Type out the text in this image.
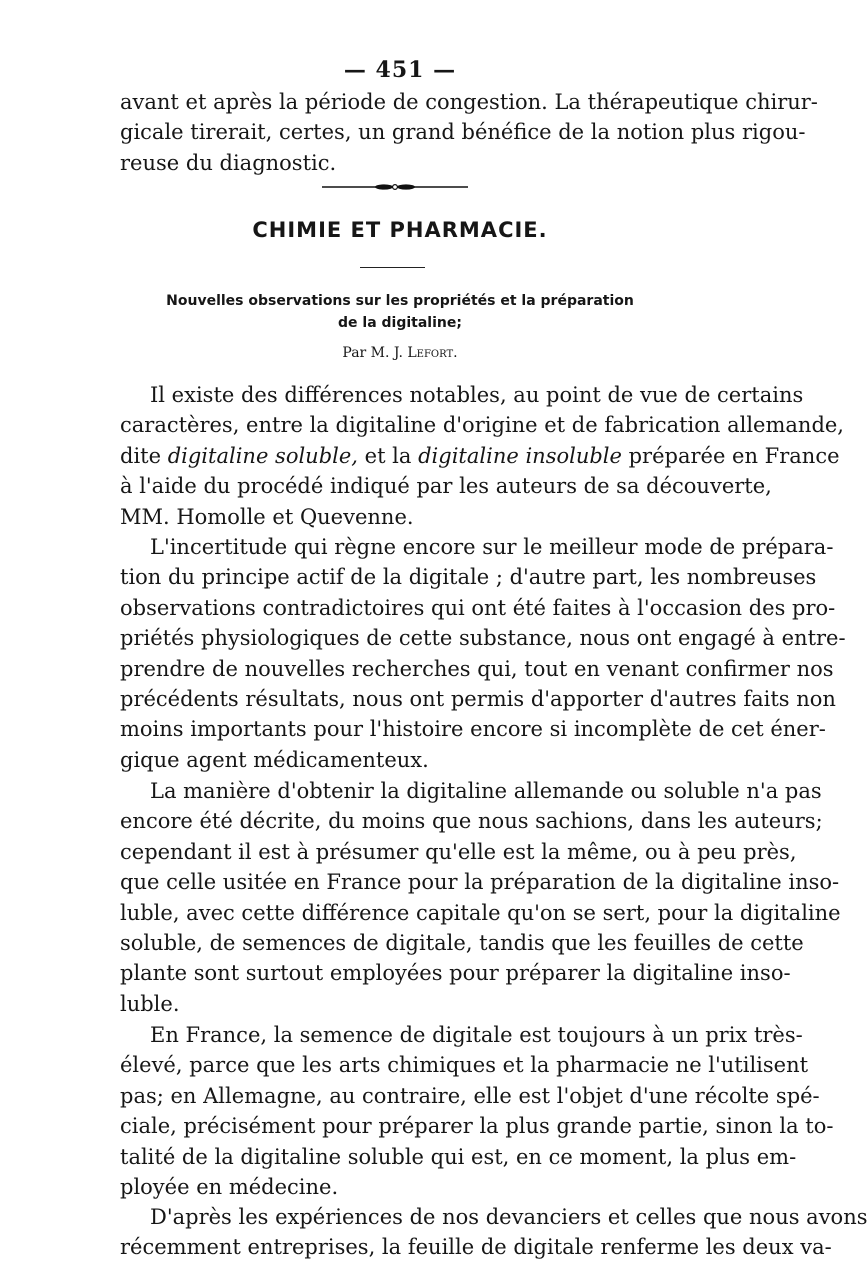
— 451 —
avant et après la période de congestion. La thérapeutique chirur-
gicale tirerait, certes, un grand bénéfice de la notion plus rigou-
reuse du diagnostic.
CHIMIE ET PHARMACIE.
Nouvelles observations sur les propriétés et la préparation
de la digitaline;
Par M. J. Lefort.
Il existe des différences notables, au point de vue de certains
caractères, entre la digitaline d'origine et de fabrication allemande,
dite digitaline soluble, et la digitaline insoluble préparée en France
à l'aide du procédé indiqué par les auteurs de sa découverte,
MM. Homolle et Quevenne.
L'incertitude qui règne encore sur le meilleur mode de prépara-
tion du principe actif de la digitale ; d'autre part, les nombreuses
observations contradictoires qui ont été faites à l'occasion des pro-
priétés physiologiques de cette substance, nous ont engagé à entre-
prendre de nouvelles recherches qui, tout en venant confirmer nos
précédents résultats, nous ont permis d'apporter d'autres faits non
moins importants pour l'histoire encore si incomplète de cet éner-
gique agent médicamenteux.
La manière d'obtenir la digitaline allemande ou soluble n'a pas
encore été décrite, du moins que nous sachions, dans les auteurs;
cependant il est à présumer qu'elle est la même, ou à peu près,
que celle usitée en France pour la préparation de la digitaline inso-
luble, avec cette différence capitale qu'on se sert, pour la digitaline
soluble, de semences de digitale, tandis que les feuilles de cette
plante sont surtout employées pour préparer la digitaline inso-
luble.
En France, la semence de digitale est toujours à un prix très-
élevé, parce que les arts chimiques et la pharmacie ne l'utilisent
pas; en Allemagne, au contraire, elle est l'objet d'une récolte spé-
ciale, précisément pour préparer la plus grande partie, sinon la to-
talité de la digitaline soluble qui est, en ce moment, la plus em-
ployée en médecine.
D'après les expériences de nos devanciers et celles que nous avons
récemment entreprises, la feuille de digitale renferme les deux va-
